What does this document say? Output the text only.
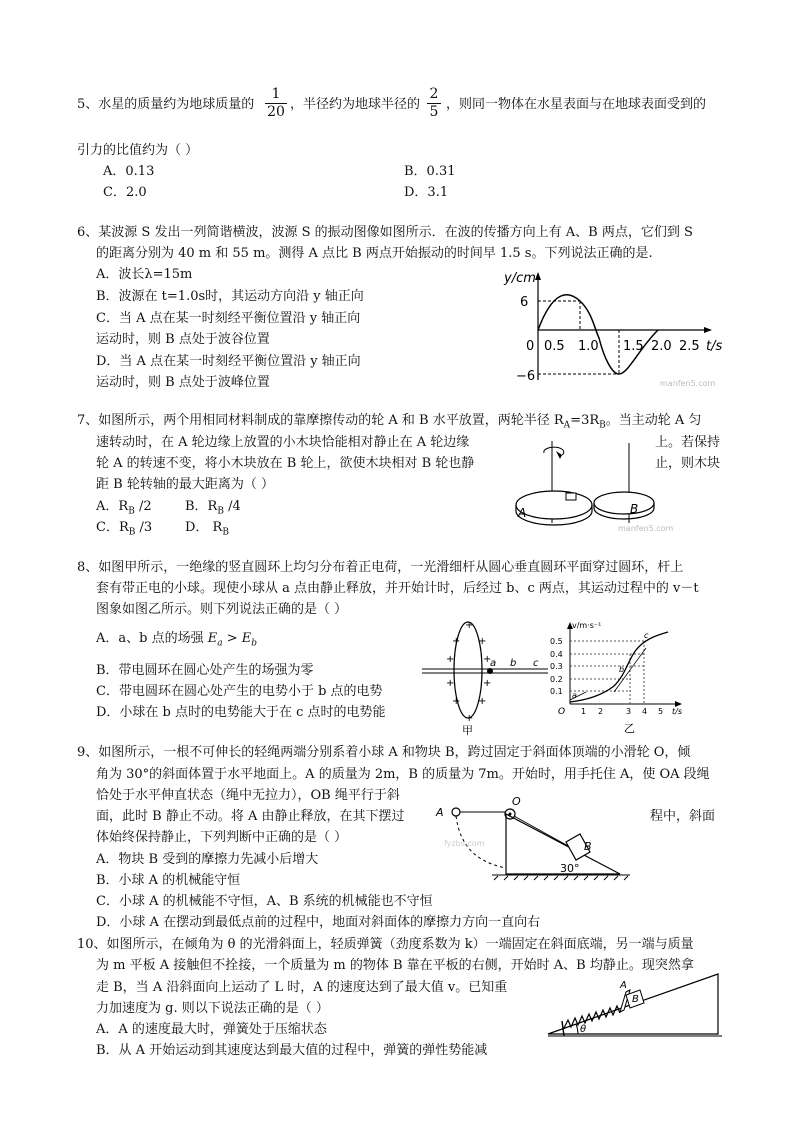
5、水星的质量约为地球质量的 $\frac{1}{20}$ ，半径约为地球半径的 $\frac{2}{5}$ ，则同一物体在水星表面与在地球表面受到的
引力的比值约为（ ）
A．0.13	B．0.31
C．2.0	D．3.1
6、某波源 S 发出一列简谐横波，波源 S 的振动图像如图所示．在波的传播方向上有 A、B 两点，它们到 S
的距离分别为 40 m 和 55 m。测得 A 点比 B 两点开始振动的时间早 1.5 s。下列说法正确的是.
A．波长λ=15m
B．波源在 t=1.0s时，其运动方向沿 y 轴正向
C．当 A 点在某一时刻经平衡位置沿 y 轴正向
运动时，则 B 点处于波谷位置
D．当 A 点在某一时刻经平衡位置沿 y 轴正向
运动时，则 B 点处于波峰位置
y/cm
6
0
−6
0.5 1.0 1.5 2.0 2.5 t/s
manfen5.com
7、如图所示，两个用相同材料制成的靠摩擦传动的轮 A 和 B 水平放置，两轮半径 $R_A=3R_B$。当主动轮 A 匀
速转动时，在 A 轮边缘上放置的小木块恰能相对静止在 A 轮边缘	上。若保持
轮 A 的转速不变，将小木块放在 B 轮上，欲使木块相对 B 轮也静	止，则木块
距 B 轮转轴的最大距离为（ ）
A．$R_B$ /2	B．$R_B$ /4
C．$R_B$ /3	D． $R_B$
A	B
manfen5.com
8、如图甲所示，一绝缘的竖直圆环上均匀分布着正电荷，一光滑细杆从圆心垂直圆环平面穿过圆环，杆上
套有带正电的小球。现使小球从 a 点由静止释放，并开始计时，后经过 b、c 两点，其运动过程中的 v－t
图象如图乙所示。则下列说法正确的是（ ）
A．a、b 点的场强 $E_a > E_b$
B．带电圆环在圆心处产生的场强为零
C．带电圆环在圆心处产生的电势小于 b 点的电势
D．小球在 b 点时的电势能大于在 c 点时的电势能
+
+
+
+
+
+
+
+
+
+
a b c
甲
v/m·s⁻¹
0.5
0.4
0.3
0.2
0.1
O 1 2	3 4 5 t/s
a
b
c
乙
9、如图所示，一根不可伸长的轻绳两端分别系着小球 A 和物块 B，跨过固定于斜面体顶端的小滑轮 O，倾
角为 30°的斜面体置于水平地面上。A 的质量为 2m，B 的质量为 7m。开始时，用手托住 A，使 OA 段绳
恰处于水平伸直状态（绳中无拉力），OB 绳平行于斜
面，此时 B 静止不动。将 A 由静止释放，在其下摆过	程中，斜面
体始终保持静止，下列判断中正确的是（ ）
A．物块 B 受到的摩擦力先减小后增大
B．小球 A 的机械能守恒
C．小球 A 的机械能不守恒，A、B 系统的机械能也不守恒
D．小球 A 在摆动到最低点前的过程中，地面对斜面体的摩擦力方向一直向右
A
O
B
30°
fyzbs.com
10、如图所示，在倾角为 θ 的光滑斜面上，轻质弹簧（劲度系数为 k）一端固定在斜面底端，另一端与质量
为 m 平板 A 接触但不拴接，一个质量为 m 的物体 B 靠在平板的右侧，开始时 A、B 均静止。现突然拿
走 B，当 A 沿斜面向上运动了 L 时，A 的速度达到了最大值 v。已知重
力加速度为 g. 则以下说法正确的是（ ）
A．A 的速度最大时，弹簧处于压缩状态
B．从 A 开始运动到其速度达到最大值的过程中，弹簧的弹性势能减
A
B
θ
